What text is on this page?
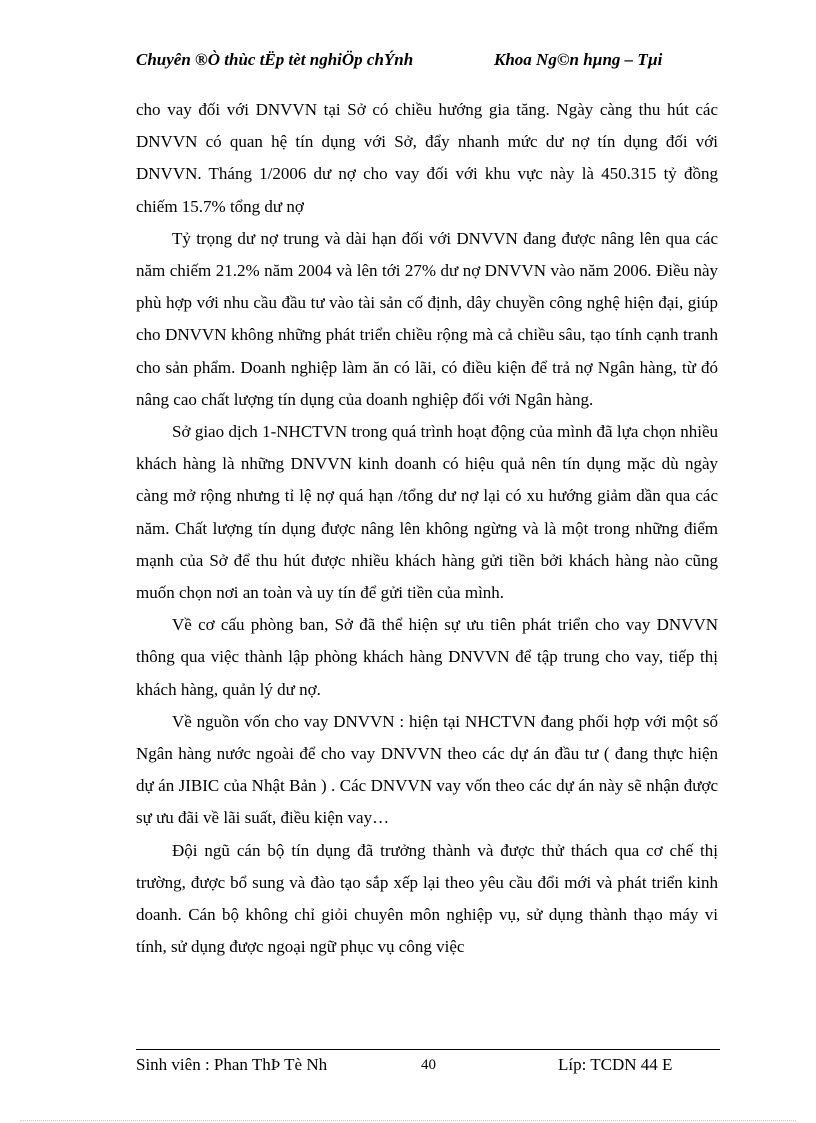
Chuyên ®Ò thùc tËp tèt nghiÖp chÝnh	Khoa Ng©n hµng – Tµi

cho vay đối với DNVVN tại Sở có chiều hướng gia tăng. Ngày càng thu hút các DNVVN có quan hệ tín dụng với Sở, đẩy nhanh mức dư nợ tín dụng đối với DNVVN. Tháng 1/2006 dư nợ cho vay đối với khu vực này là 450.315 tỷ đồng chiếm 15.7% tổng dư nợ

Tỷ trọng dư nợ trung và dài hạn đối với DNVVN đang được nâng lên qua các năm chiếm 21.2% năm 2004 và lên tới 27% dư nợ DNVVN vào năm 2006. Điều này phù hợp với nhu cầu đầu tư vào tài sản cố định, dây chuyền công nghệ hiện đại, giúp cho DNVVN không những phát triển chiều rộng mà cả chiều sâu, tạo tính cạnh tranh cho sản phẩm. Doanh nghiệp làm ăn có lãi, có điều kiện để trả nợ Ngân hàng, từ đó nâng cao chất lượng tín dụng của doanh nghiệp đối với Ngân hàng.

Sở giao dịch 1-NHCTVN trong quá trình hoạt động của mình đã lựa chọn nhiều khách hàng là những DNVVN kinh doanh có hiệu quả nên tín dụng mặc dù ngày càng mở rộng nhưng tỉ lệ nợ quá hạn /tổng dư nợ lại có xu hướng giảm dần qua các năm. Chất lượng tín dụng được nâng lên không ngừng và là một trong những điểm mạnh của Sở để thu hút được nhiều khách hàng gửi tiền bởi khách hàng nào cũng muốn chọn nơi an toàn và uy tín để gửi tiền của mình.

Về cơ cấu phòng ban, Sở đã thể hiện sự ưu tiên phát triển cho vay DNVVN thông qua việc thành lập phòng khách hàng DNVVN để tập trung cho vay, tiếp thị khách hàng, quản lý dư nợ.

Về nguồn vốn cho vay DNVVN : hiện tại NHCTVN đang phối hợp với một số Ngân hàng nước ngoài để cho vay DNVVN theo các dự án đầu tư ( đang thực hiện dự án JIBIC của Nhật Bản ) . Các DNVVN vay vốn theo các dự án này sẽ nhận được sự ưu đãi về lãi suất, điều kiện vay…

Đội ngũ cán bộ tín dụng đã trưởng thành và được thử thách qua cơ chế thị trường, được bổ sung và đào tạo sắp xếp lại theo yêu cầu đổi mới và phát triển kinh doanh. Cán bộ không chỉ giỏi chuyên môn nghiệp vụ, sử dụng thành thạo máy vi tính, sử dụng được ngoại ngữ phục vụ công việc

Sinh viên : Phan ThÞ Tè Nh	40	Líp: TCDN 44 E
